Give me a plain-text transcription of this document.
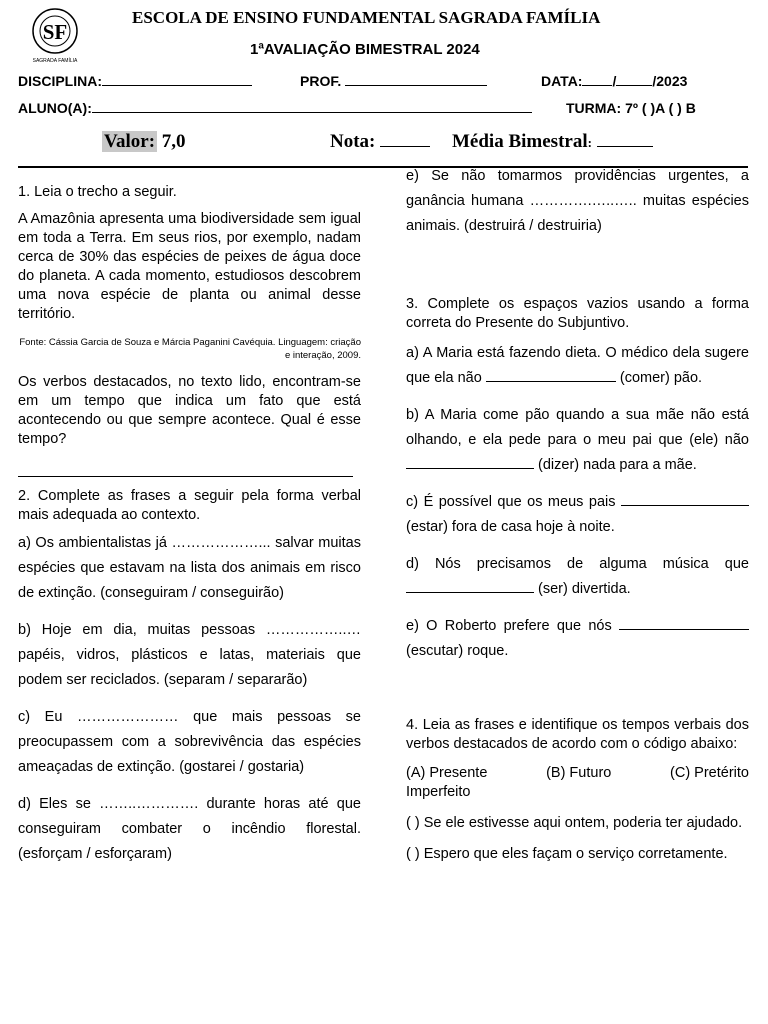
SF
SAGRADA FAMÍLIA
ESCOLA DE ENSINO FUNDAMENTAL SAGRADA FAMÍLIA
1ªAVALIAÇÃO BIMESTRAL 2024
DISCIPLINA:	PROF.	DATA: /	/2023
ALUNO(A):	TURMA: 7º ( )A ( ) B
Valor: 7,0	Nota:	Média Bimestral:
1. Leia o trecho a seguir.
A Amazônia apresenta uma biodiversidade sem igual em toda a Terra. Em seus rios, por exemplo, nadam cerca de 30% das espécies de peixes de água doce do planeta. A cada momento, estudiosos descobrem uma nova espécie de planta ou animal desse território.
Fonte: Cássia Garcia de Souza e Márcia Paganini Cavéquia. Linguagem: criação e interação, 2009.
Os verbos destacados, no texto lido, encontram-se em um tempo que indica um fato que está acontecendo ou que sempre acontece. Qual é esse tempo?
2. Complete as frases a seguir pela forma verbal mais adequada ao contexto.
a) Os ambientalistas já ………………... salvar muitas espécies que estavam na lista dos animais em risco de extinção. (conseguiram / conseguirão)
b) Hoje em dia, muitas pessoas ……………..… papéis, vidros, plásticos e latas, materiais que podem ser reciclados. (separam / separarão)
c) Eu ………………… que mais pessoas se preocupassem com a sobrevivência das espécies ameaçadas de extinção. (gostarei / gostaria)
d) Eles se ……..…………. durante horas até que conseguiram combater o incêndio florestal. (esforçam / esforçaram)
e) Se não tomarmos providências urgentes, a ganância humana ………….…..….. muitas espécies animais. (destruirá / destruiria)
3. Complete os espaços vazios usando a forma correta do Presente do Subjuntivo.
a) A Maria está fazendo dieta. O médico dela sugere que ela não	(comer) pão.
b) A Maria come pão quando a sua mãe não está olhando, e ela pede para o meu pai que (ele) não  (dizer) nada para a mãe.
c) É possível que os meus pais  (estar) fora de casa hoje à noite.
d) Nós precisamos de alguma música que  (ser) divertida.
e) O Roberto prefere que nós  (escutar) roque.
4. Leia as frases e identifique os tempos verbais dos verbos destacados de acordo com o código abaixo:
(A) Presente	(B) Futuro	(C) Pretérito
Imperfeito
( ) Se ele estivesse aqui ontem, poderia ter ajudado.
( ) Espero que eles façam o serviço corretamente.
